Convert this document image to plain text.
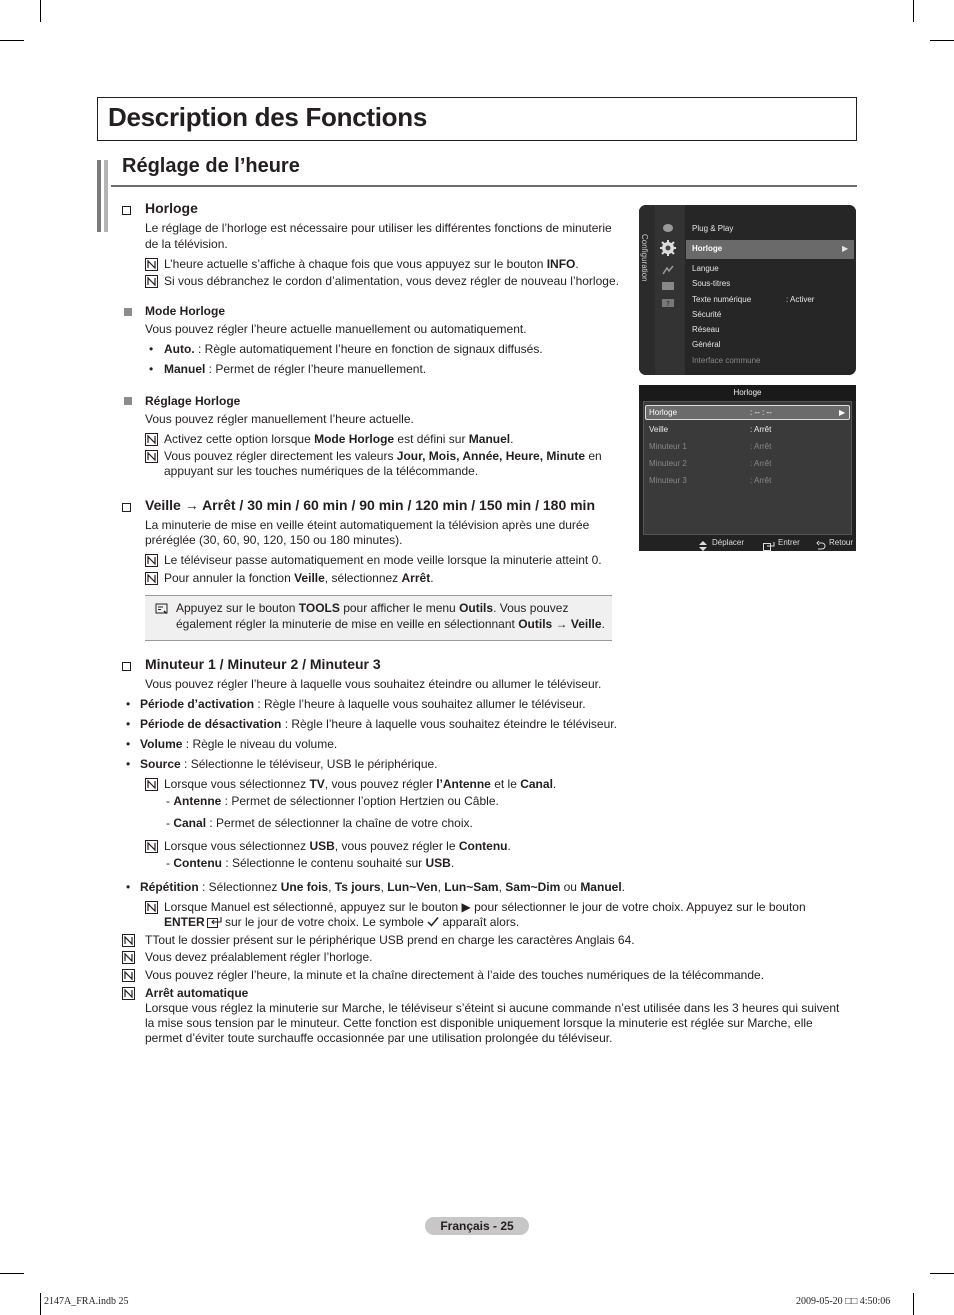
Description des Fonctions
Réglage de l’heure
Horloge
Le réglage de l’horloge est nécessaire pour utiliser les différentes fonctions de minuterie
de la télévision.
L’heure actuelle s’affiche à chaque fois que vous appuyez sur le bouton INFO.
Si vous débranchez le cordon d’alimentation, vous devez régler de nouveau l’horloge.
Mode Horloge
Vous pouvez régler l’heure actuelle manuellement ou automatiquement.
• Auto. : Règle automatiquement l’heure en fonction de signaux diffusés.
• Manuel : Permet de régler l’heure manuellement.
Réglage Horloge
Vous pouvez régler manuellement l’heure actuelle.
Activez cette option lorsque Mode Horloge est défini sur Manuel.
Vous pouvez régler directement les valeurs Jour, Mois, Année, Heure, Minute en
appuyant sur les touches numériques de la télécommande.
Veille → Arrêt / 30 min / 60 min / 90 min / 120 min / 150 min / 180 min
La minuterie de mise en veille éteint automatiquement la télévision après une durée
préréglée (30, 60, 90, 120, 150 ou 180 minutes).
Le téléviseur passe automatiquement en mode veille lorsque la minuterie atteint 0.
Pour annuler la fonction Veille, sélectionnez Arrêt.
Appuyez sur le bouton TOOLS pour afficher le menu Outils. Vous pouvez
également régler la minuterie de mise en veille en sélectionnant Outils → Veille.
Minuteur 1 / Minuteur 2 / Minuteur 3
Vous pouvez régler l’heure à laquelle vous souhaitez éteindre ou allumer le téléviseur.
• Période d’activation : Règle l’heure à laquelle vous souhaitez allumer le téléviseur.
• Période de désactivation : Règle l’heure à laquelle vous souhaitez éteindre le téléviseur.
• Volume : Règle le niveau du volume.
• Source : Sélectionne le téléviseur, USB le périphérique.
Lorsque vous sélectionnez TV, vous pouvez régler l’Antenne et le Canal.
- Antenne : Permet de sélectionner l’option Hertzien ou Câble.
- Canal : Permet de sélectionner la chaîne de votre choix.
Lorsque vous sélectionnez USB, vous pouvez régler le Contenu.
- Contenu : Sélectionne le contenu souhaité sur USB.
• Répétition : Sélectionnez Une fois, Ts jours, Lun~Ven, Lun~Sam, Sam~Dim ou Manuel.
Lorsque Manuel est sélectionné, appuyez sur le bouton ▶ pour sélectionner le jour de votre choix. Appuyez sur le bouton
ENTER sur le jour de votre choix. Le symbole  apparaît alors.
TTout le dossier présent sur le périphérique USB prend en charge les caractères Anglais 64.
Vous devez préalablement régler l’horloge.
Vous pouvez régler l’heure, la minute et la chaîne directement à l’aide des touches numériques de la télécommande.
Arrêt automatique
Lorsque vous réglez la minuterie sur Marche, le téléviseur s’éteint si aucune commande n’est utilisée dans les 3 heures qui suivent
la mise sous tension par le minuteur. Cette fonction est disponible uniquement lorsque la minuterie est réglée sur Marche, elle
permet d’éviter toute surchauffe occasionnée par une utilisation prolongée du téléviseur.
Configuration
?
Plug & Play
Horloge	▶
Langue
Sous-titres
Texte numérique	: Activer
Sécurité
Réseau
Général
Interface commune
Horloge
Horloge	: -- : --	▶
Veille	: Arrêt
Minuteur 1	: Arrêt
Minuteur 2	: Arrêt
Minuteur 3	: Arrêt
Déplacer	Entrer	Retour
Français - 25
2147A_FRA.indb 25	2009-05-20 □□ 4:50:06
